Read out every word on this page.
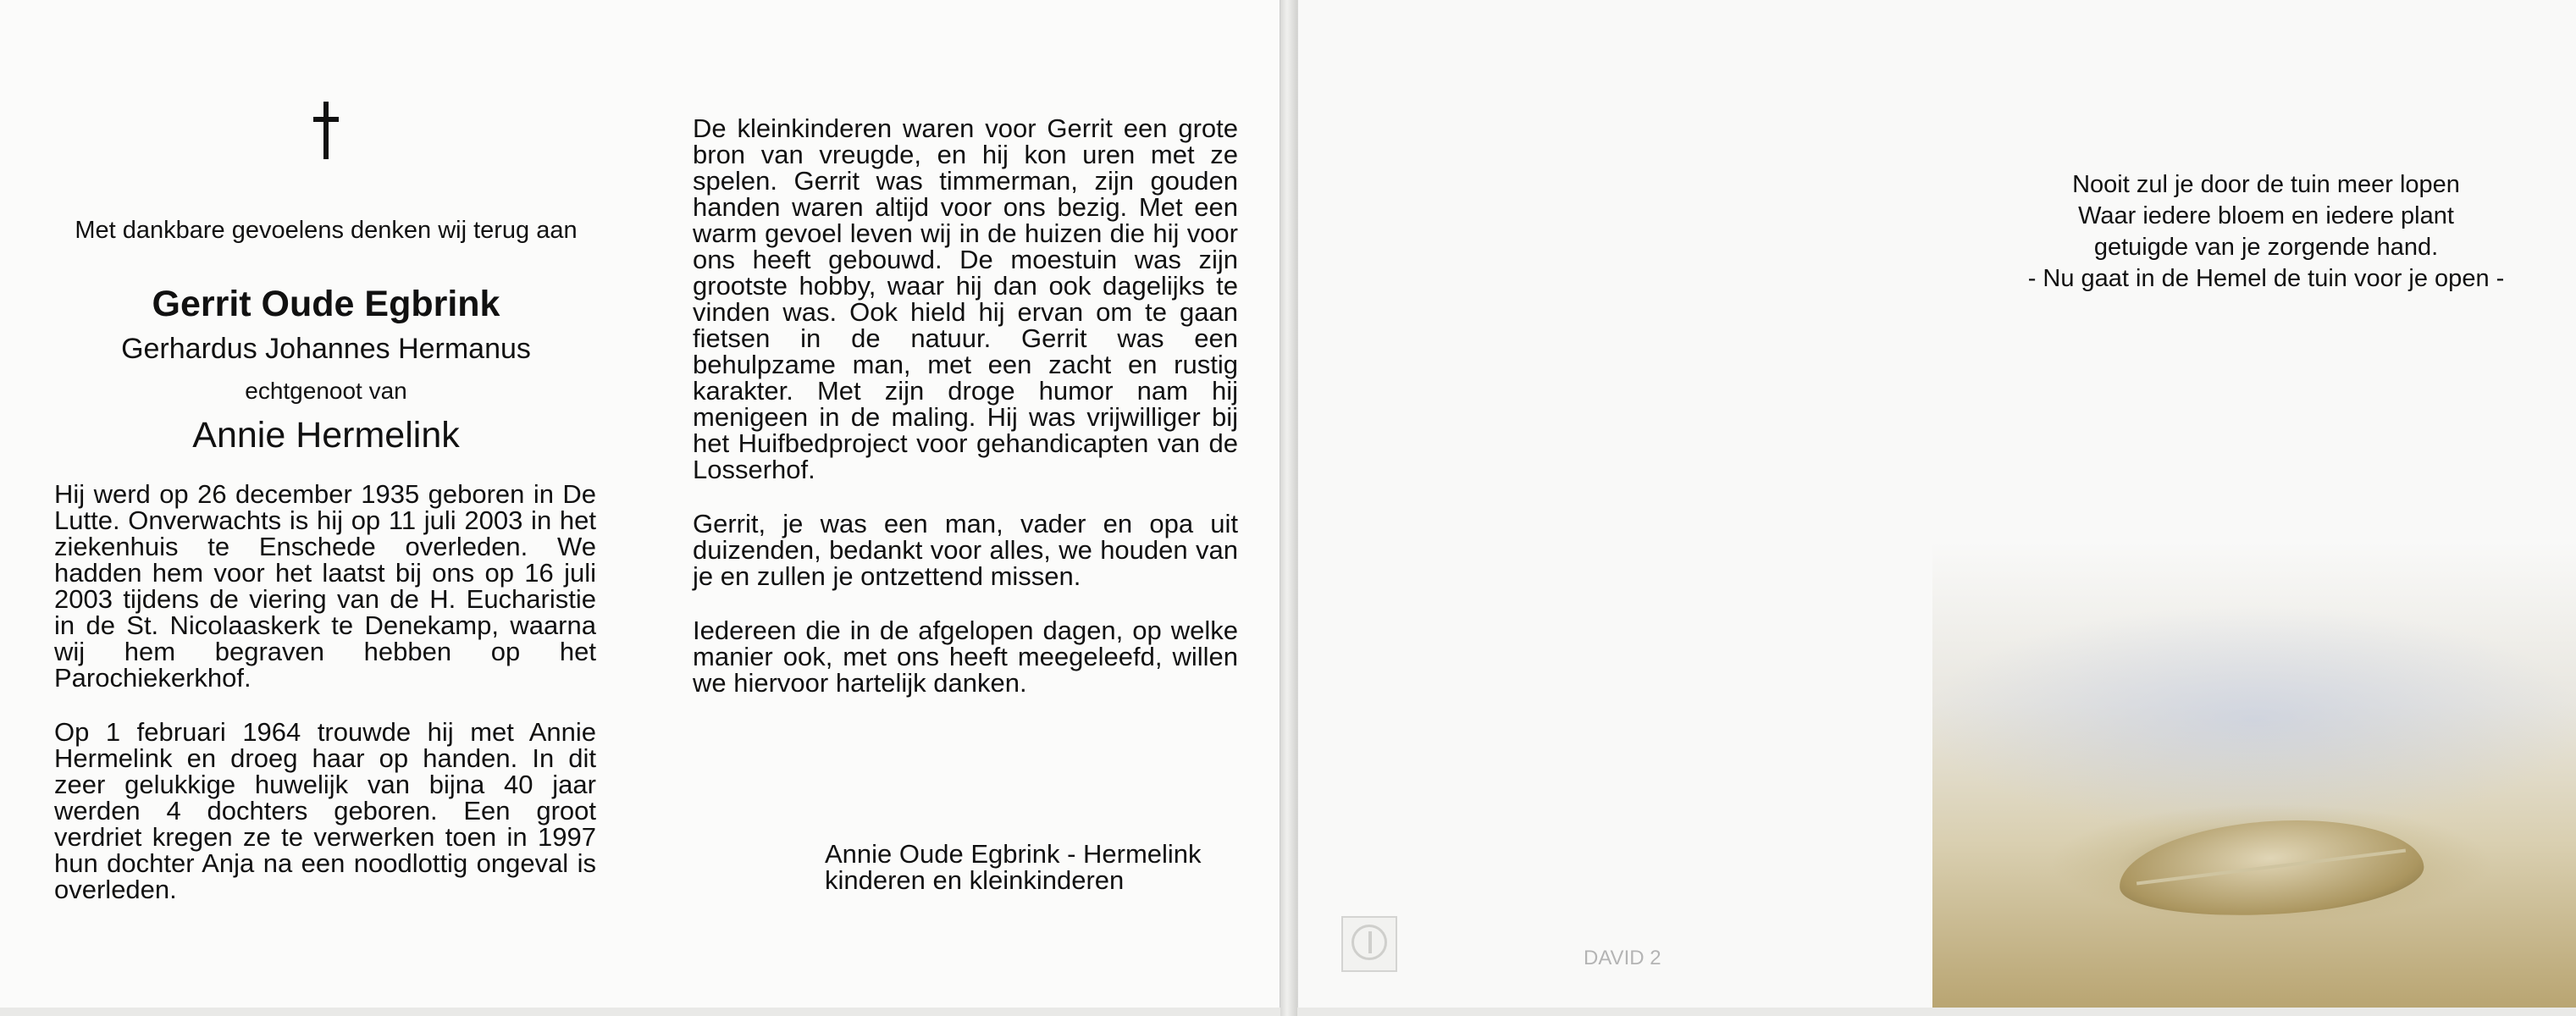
Met dankbare gevoelens denken wij terug aan
Gerrit Oude Egbrink
Gerhardus Johannes Hermanus
echtgenoot van
Annie Hermelink

Hij werd op 26 december 1935 geboren in De Lutte. Onverwachts is hij op 11 juli 2003 in het ziekenhuis te Enschede overleden. We hadden hem voor het laatst bij ons op 16 juli 2003 tijdens de viering van de H. Eucharistie in de St. Nicolaaskerk te Denekamp, waarna wij hem begraven hebben op het Parochiekerkhof.

Op 1 februari 1964 trouwde hij met Annie Hermelink en droeg haar op handen. In dit zeer gelukkige huwelijk van bijna 40 jaar werden 4 dochters geboren. Een groot verdriet kregen ze te verwerken toen in 1997 hun dochter Anja na een noodlottig ongeval is overleden.

De kleinkinderen waren voor Gerrit een grote bron van vreugde, en hij kon uren met ze spelen. Gerrit was timmerman, zijn gouden handen waren altijd voor ons bezig. Met een warm gevoel leven wij in de huizen die hij voor ons heeft gebouwd. De moestuin was zijn grootste hobby, waar hij dan ook dagelijks te vinden was. Ook hield hij ervan om te gaan fietsen in de natuur. Gerrit was een behulpzame man, met een zacht en rustig karakter. Met zijn droge humor nam hij menigeen in de maling. Hij was vrijwilliger bij het Huifbedproject voor gehandicapten van de Losserhof.

Gerrit, je was een man, vader en opa uit duizenden, bedankt voor alles, we houden van je en zullen je ontzettend missen.

Iedereen die in de afgelopen dagen, op welke manier ook, met ons heeft meegeleefd, willen we hiervoor hartelijk danken.

Annie Oude Egbrink - Hermelink
kinderen en kleinkinderen
Nooit zul je door de tuin meer lopen
Waar iedere bloem en iedere plant
getuigde van je zorgende hand.
- Nu gaat in de Hemel de tuin voor je open -
DAVID 2
